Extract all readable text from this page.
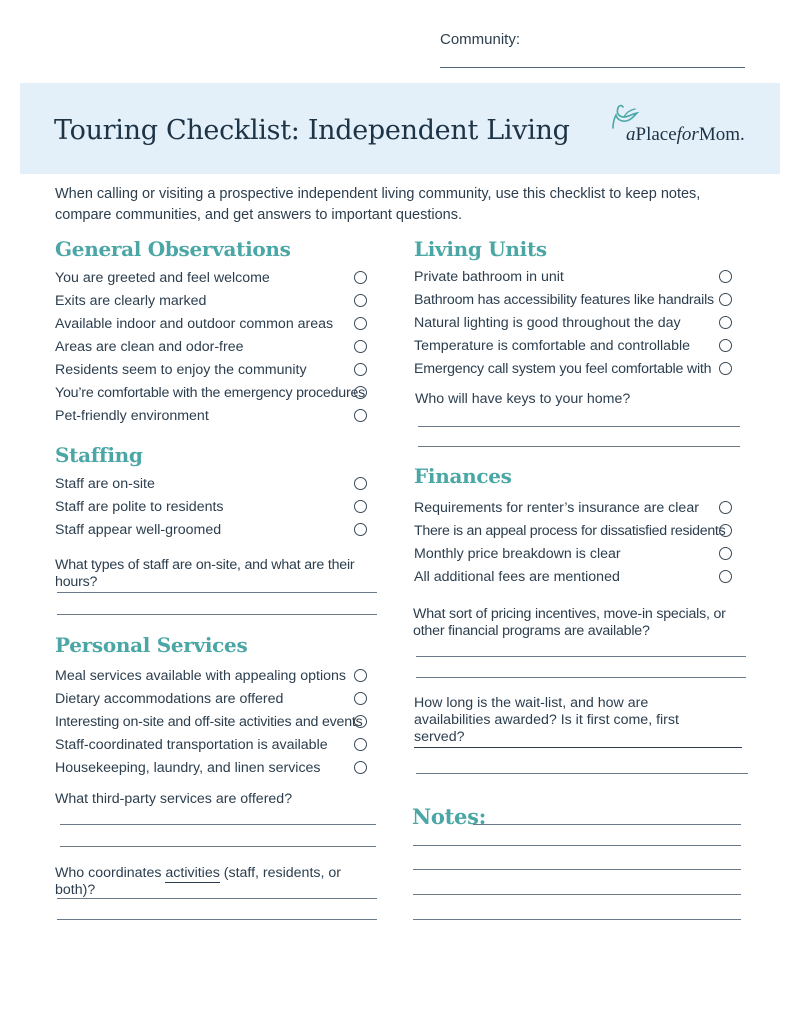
Community:
Touring Checklist: Independent Living	aPlaceforMom.

When calling or visiting a prospective independent living community, use this checklist to keep notes, compare communities, and get answers to important questions.

General Observations
You are greeted and feel welcome
Exits are clearly marked
Available indoor and outdoor common areas
Areas are clean and odor-free
Residents seem to enjoy the community
You’re comfortable with the emergency procedures
Pet-friendly environment
Staffing
Staff are on-site
Staff are polite to residents
Staff appear well-groomed

What types of staff are on-site, and what are their hours?

Personal Services
Meal services available with appealing options
Dietary accommodations are offered
Interesting on-site and off-site activities and events
Staff-coordinated transportation is available
Housekeeping, laundry, and linen services

What third-party services are offered?

Who coordinates activities (staff, residents, or both)?

Living Units
Private bathroom in unit
Bathroom has accessibility features like handrails
Natural lighting is good throughout the day
Temperature is comfortable and controllable
Emergency call system you feel comfortable with

Who will have keys to your home?

Finances
Requirements for renter’s insurance are clear
There is an appeal process for dissatisfied residents
Monthly price breakdown is clear
All additional fees are mentioned

What sort of pricing incentives, move-in specials, or other financial programs are available?

How long is the wait-list, and how are availabilities awarded? Is it first come, first served?

Notes:
